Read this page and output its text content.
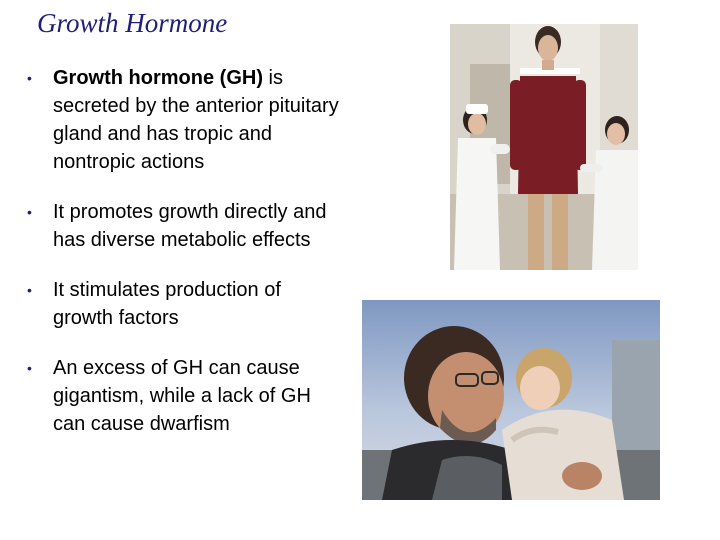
Growth Hormone
• Growth hormone (GH) is secreted by the anterior pituitary gland and has tropic and nontropic actions
• It promotes growth directly and has diverse metabolic effects
• It stimulates production of growth factors
• An excess of GH can cause gigantism, while a lack of GH can cause dwarfism
